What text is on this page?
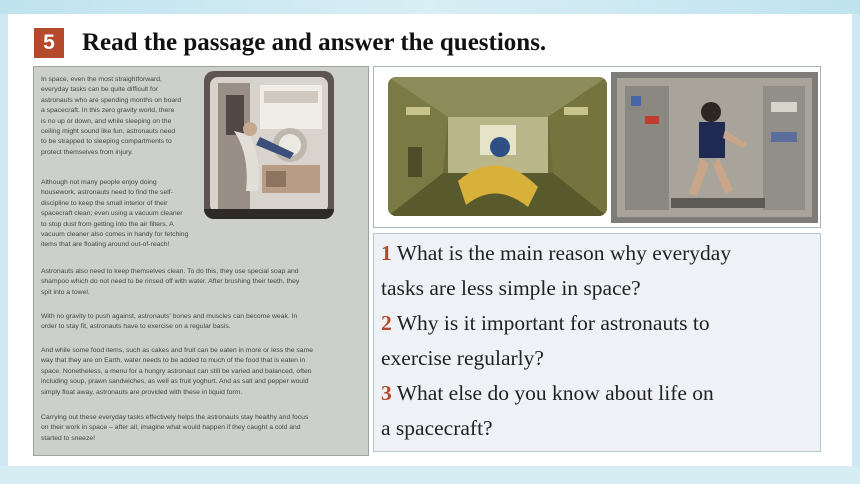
5	Read the passage and answer the questions.

In space, even the most straightforward,
everyday tasks can be quite difficult for
astronauts who are spending months on board
a spacecraft. In this zero gravity world, there
is no up or down, and while sleeping on the
ceiling might sound like fun, astronauts need
to be strapped to sleeping compartments to
protect themselves from injury.

Although not many people enjoy doing
housework, astronauts need to find the self-
discipline to keep the small interior of their
spacecraft clean; even using a vacuum cleaner
to stop dust from getting into the air filters. A
vacuum cleaner also comes in handy for fetching
items that are floating around out-of-reach!

Astronauts also need to keep themselves clean. To do this, they use special soap and
shampoo which do not need to be rinsed off with water. After brushing their teeth, they
spit into a towel.

With no gravity to push against, astronauts' bones and muscles can become weak. In
order to stay fit, astronauts have to exercise on a regular basis.

And while some food items, such as cakes and fruit can be eaten in more or less the same
way that they are on Earth, water needs to be added to much of the food that is eaten in
space. Nonetheless, a menu for a hungry astronaut can still be varied and balanced, often
including soup, prawn sandwiches, as well as fruit yoghurt. And as salt and pepper would
simply float away, astronauts are provided with these in liquid form.

Carrying out these everyday tasks effectively helps the astronauts stay healthy and focus
on their work in space – after all, imagine what would happen if they caught a cold and
started to sneeze!

1 What is the main reason why everyday
tasks are less simple in space?
2 Why is it important for astronauts to
exercise regularly?
3 What else do you know about life on
a spacecraft?
